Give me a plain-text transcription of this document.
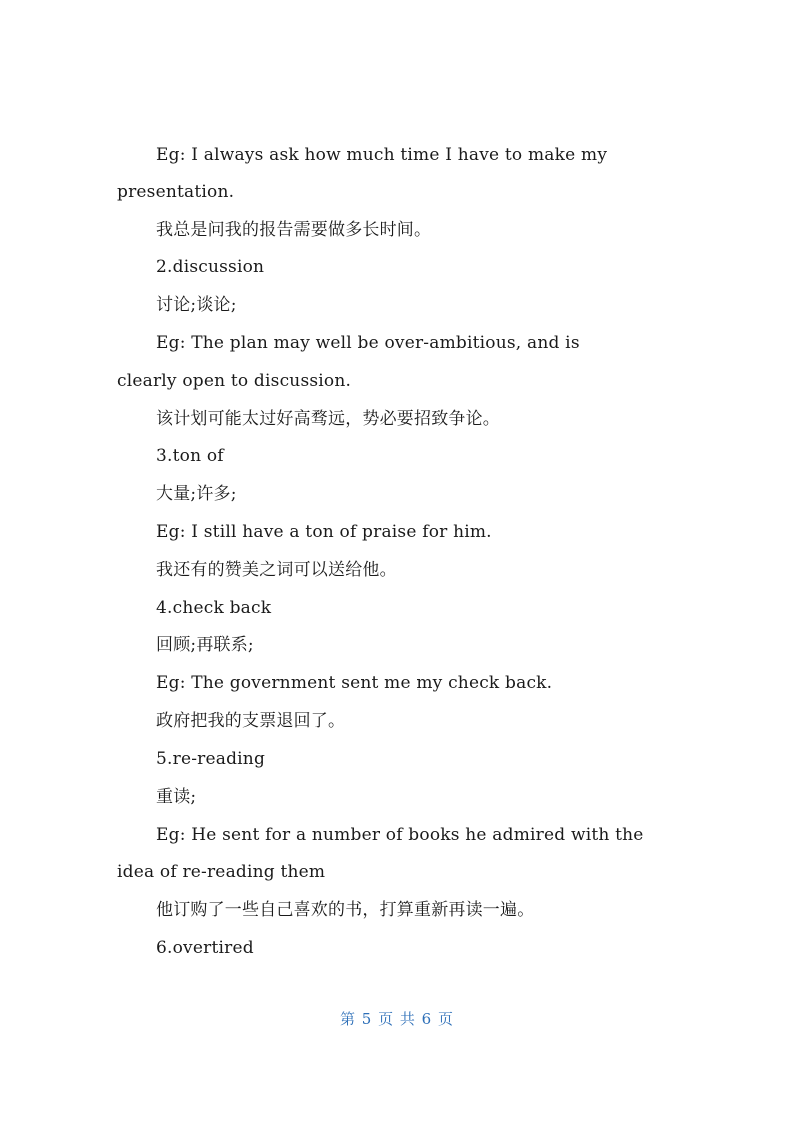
Eg: I always ask how much time I have to make my
presentation.
我总是问我的报告需要做多长时间。
2.discussion
讨论;谈论;
Eg: The plan may well be over-ambitious, and is
clearly open to discussion.
该计划可能太过好高骛远，势必要招致争论。
3.ton of
大量;许多;
Eg: I still have a ton of praise for him.
我还有的赞美之词可以送给他。
4.check back
回顾;再联系;
Eg: The government sent me my check back.
政府把我的支票退回了。
5.re-reading
重读;
Eg: He sent for a number of books he admired with the
idea of re-reading them
他订购了一些自己喜欢的书，打算重新再读一遍。
6.overtired
第 5 页 共 6 页
